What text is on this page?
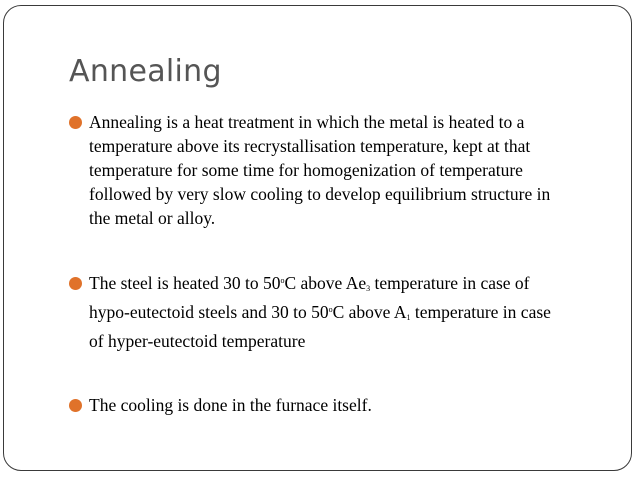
Annealing
Annealing is a heat treatment in which the metal is heated to a
temperature above its recrystallisation temperature, kept at that
temperature for some time for homogenization of temperature
followed by very slow cooling to develop equilibrium structure in
the metal or alloy.
The steel is heated 30 to 50$^o$C above $Ae_3$ temperature in case of
hypo-eutectoid steels and 30 to 50$^o$C above $A_1$ temperature in case
of hyper-eutectoid temperature
The cooling is done in the furnace itself.
